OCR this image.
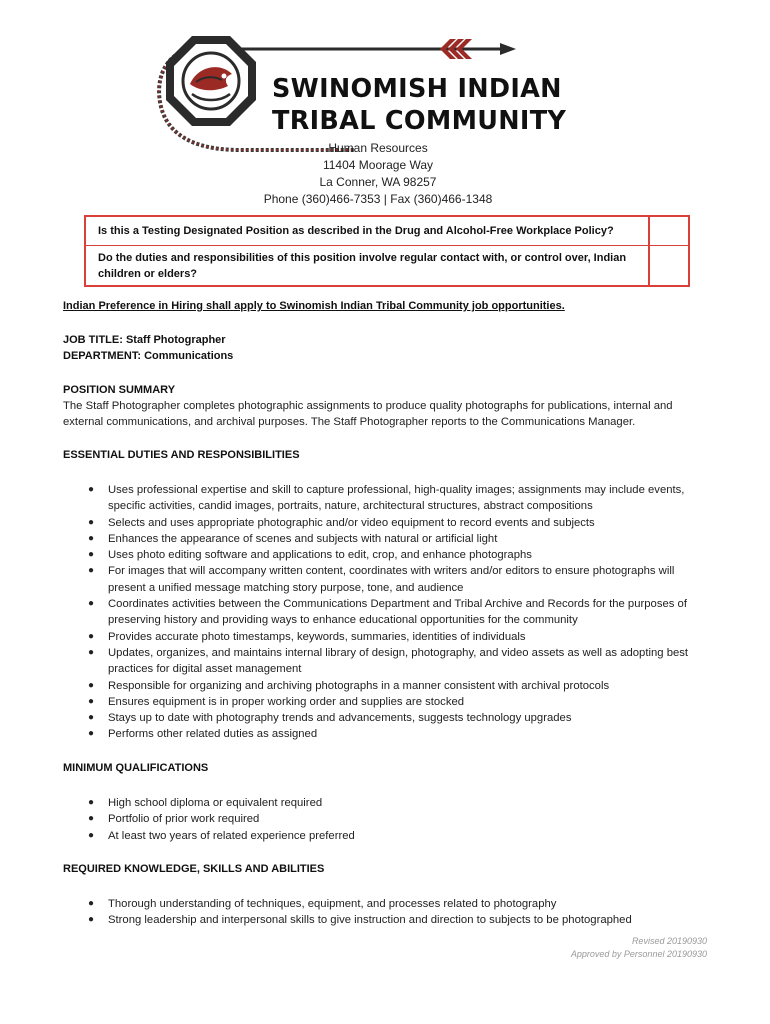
SWINOMISH INDIAN
TRIBAL COMMUNITY
Human Resources
11404 Moorage Way
La Conner, WA 98257
Phone (360)466-7353 | Fax (360)466-1348
Is this a Testing Designated Position as described in the Drug and Alcohol-Free Workplace Policy?
Do the duties and responsibilities of this position involve regular contact with, or control over, Indian children or elders?
Indian Preference in Hiring shall apply to Swinomish Indian Tribal Community job opportunities.
JOB TITLE: Staff Photographer
DEPARTMENT: Communications
POSITION SUMMARY
The Staff Photographer completes photographic assignments to produce quality photographs for publications, internal and
external communications, and archival purposes. The Staff Photographer reports to the Communications Manager.
ESSENTIAL DUTIES AND RESPONSIBILITIES
● Uses professional expertise and skill to capture professional, high-quality images; assignments may include events,
specific activities, candid images, portraits, nature, architectural structures, abstract compositions
● Selects and uses appropriate photographic and/or video equipment to record events and subjects
● Enhances the appearance of scenes and subjects with natural or artificial light
● Uses photo editing software and applications to edit, crop, and enhance photographs
● For images that will accompany written content, coordinates with writers and/or editors to ensure photographs will
present a unified message matching story purpose, tone, and audience
● Coordinates activities between the Communications Department and Tribal Archive and Records for the purposes of
preserving history and providing ways to enhance educational opportunities for the community
● Provides accurate photo timestamps, keywords, summaries, identities of individuals
● Updates, organizes, and maintains internal library of design, photography, and video assets as well as adopting best
practices for digital asset management
● Responsible for organizing and archiving photographs in a manner consistent with archival protocols
● Ensures equipment is in proper working order and supplies are stocked
● Stays up to date with photography trends and advancements, suggests technology upgrades
● Performs other related duties as assigned
MINIMUM QUALIFICATIONS
● High school diploma or equivalent required
● Portfolio of prior work required
● At least two years of related experience preferred
REQUIRED KNOWLEDGE, SKILLS AND ABILITIES
● Thorough understanding of techniques, equipment, and processes related to photography
● Strong leadership and interpersonal skills to give instruction and direction to subjects to be photographed
Revised 20190930
Approved by Personnel 20190930
